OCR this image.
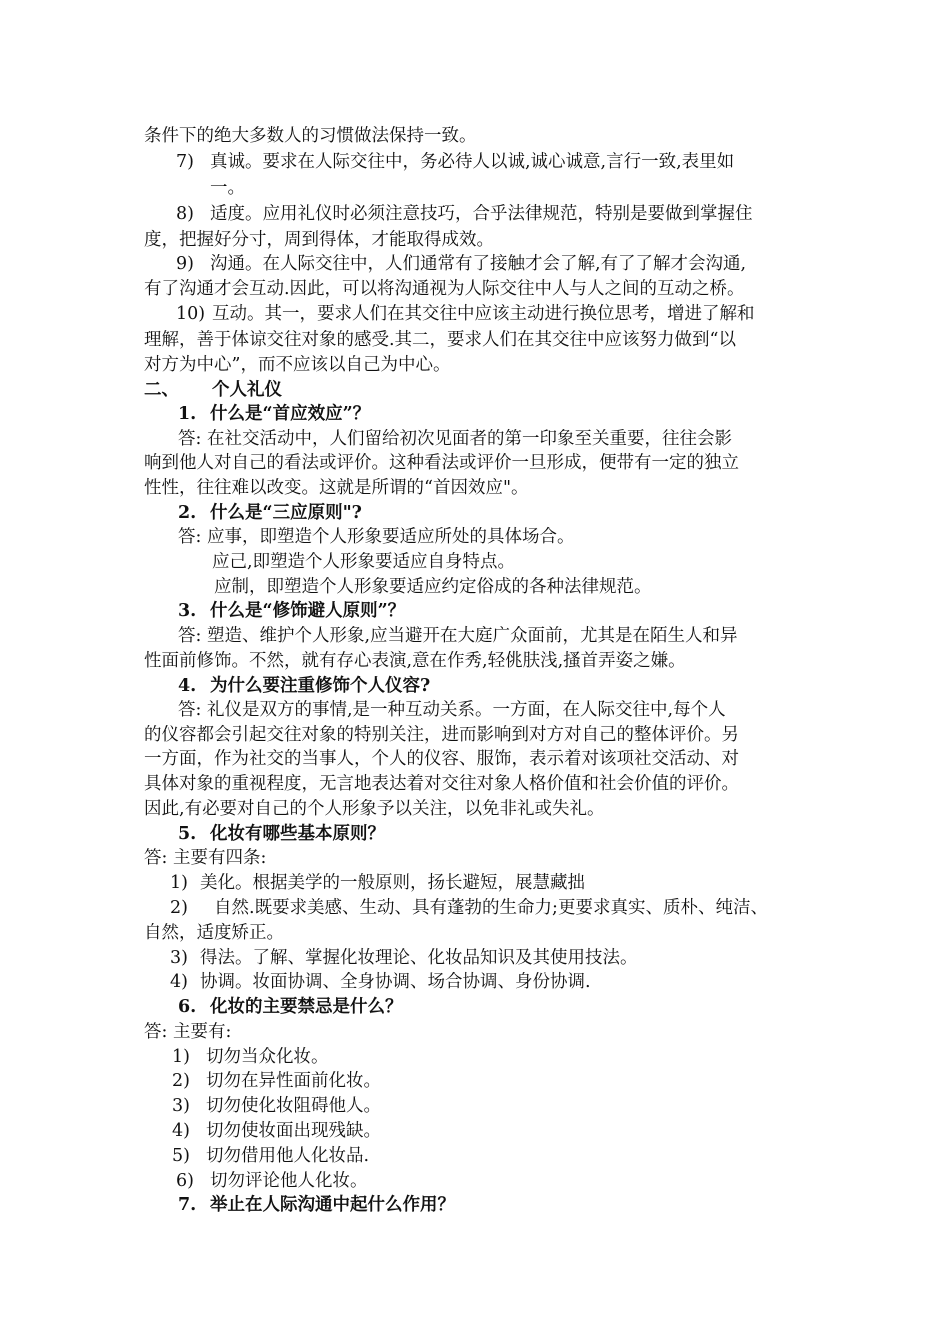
条件下的绝大多数人的习惯做法保持一致。
7) 真诚。要求在人际交往中，务必待人以诚,诚心诚意,言行一致,表里如
一。
8) 适度。应用礼仪时必须注意技巧，合乎法律规范，特别是要做到掌握住
度，把握好分寸，周到得体，才能取得成效。
9) 沟通。在人际交往中，人们通常有了接触才会了解,有了了解才会沟通,
有了沟通才会互动.因此，可以将沟通视为人际交往中人与人之间的互动之桥。
10) 互动。其一，要求人们在其交往中应该主动进行换位思考，增进了解和
理解，善于体谅交往对象的感受.其二，要求人们在其交往中应该努力做到“以
对方为中心”，而不应该以自己为中心。
二、 个人礼仪
1. 什么是“首应效应”？
答: 在社交活动中，人们留给初次见面者的第一印象至关重要，往往会影
响到他人对自己的看法或评价。这种看法或评价一旦形成，便带有一定的独立
性性，往往难以改变。这就是所谓的“首因效应"。
2. 什么是“三应原则"?
答: 应事，即塑造个人形象要适应所处的具体场合。
应己,即塑造个人形象要适应自身特点。
应制，即塑造个人形象要适应约定俗成的各种法律规范。
3. 什么是“修饰避人原则”？
答: 塑造、维护个人形象,应当避开在大庭广众面前，尤其是在陌生人和异
性面前修饰。不然，就有存心表演,意在作秀,轻佻肤浅,搔首弄姿之嫌。
4. 为什么要注重修饰个人仪容?
答: 礼仪是双方的事情,是一种互动关系。一方面，在人际交往中,每个人
的仪容都会引起交往对象的特别关注，进而影响到对方对自己的整体评价。另
一方面，作为社交的当事人，个人的仪容、服饰，表示着对该项社交活动、对
具体对象的重视程度，无言地表达着对交往对象人格价值和社会价值的评价。
因此,有必要对自己的个人形象予以关注，以免非礼或失礼。
5. 化妆有哪些基本原则？
答: 主要有四条:
1) 美化。根据美学的一般原则，扬长避短，展慧藏拙
2) 自然.既要求美感、生动、具有蓬勃的生命力;更要求真实、质朴、纯洁、
自然，适度矫正。
3) 得法。了解、掌握化妆理论、化妆品知识及其使用技法。
4) 协调。妆面协调、全身协调、场合协调、身份协调.
6. 化妆的主要禁忌是什么？
答: 主要有:
1) 切勿当众化妆。
2) 切勿在异性面前化妆。
3) 切勿使化妆阻碍他人。
4) 切勿使妆面出现残缺。
5) 切勿借用他人化妆品.
6) 切勿评论他人化妆。
7. 举止在人际沟通中起什么作用？
